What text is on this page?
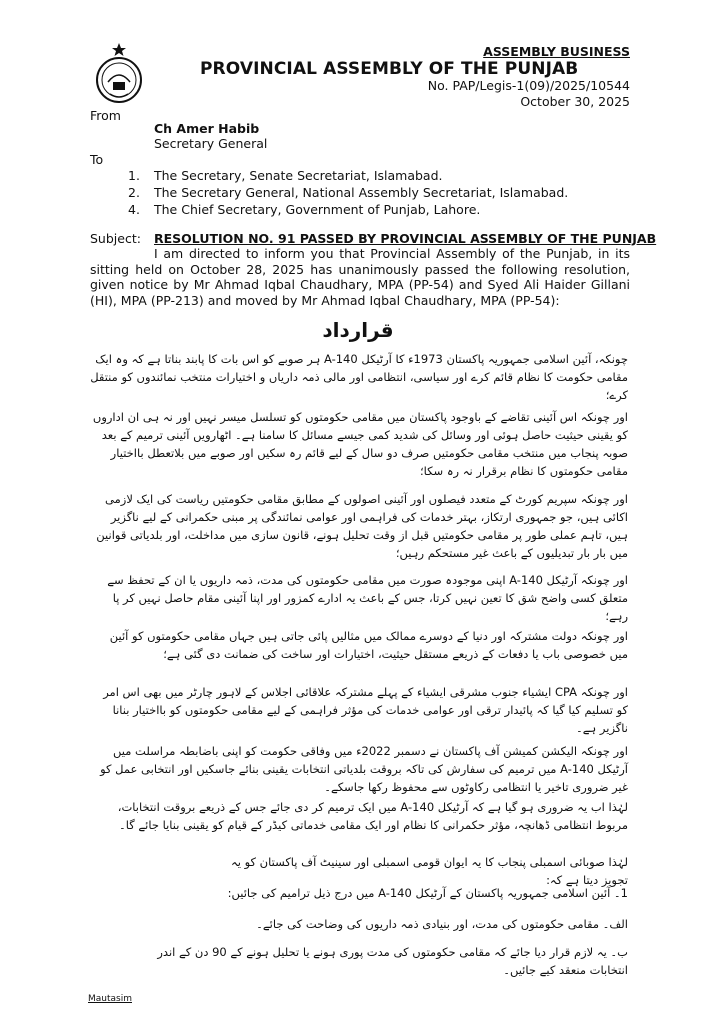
ASSEMBLY BUSINESS
PROVINCIAL ASSEMBLY OF THE PUNJAB
No. PAP/Legis-1(09)/2025/10544
October 30, 2025
From
Ch Amer Habib
Secretary General
To
1. The Secretary, Senate Secretariat, Islamabad.
2. The Secretary General, National Assembly Secretariat, Islamabad.
4. The Chief Secretary, Government of Punjab, Lahore.
Subject: RESOLUTION NO. 91 PASSED BY PROVINCIAL ASSEMBLY OF THE PUNJAB
I am directed to inform you that Provincial Assembly of the Punjab, in its sitting held on October 28, 2025 has unanimously passed the following resolution, given notice by Mr Ahmad Iqbal Chaudhary, MPA (PP-54) and Syed Ali Haider Gillani (HI), MPA (PP-213) and moved by Mr Ahmad Iqbal Chaudhary, MPA (PP-54):
قرارداد
چونکہ، آئین اسلامی جمہوریہ پاکستان 1973ء کا آرٹیکل A-140 ہر صوبے کو اس بات کا پابند بناتا ہے کہ وہ ایک مقامی حکومت کا نظام قائم کرے اور سیاسی، انتظامی اور مالی ذمہ داریاں و اختیارات منتخب نمائندوں کو منتقل کرے؛
اور چونکہ اس آئینی تقاضے کے باوجود پاکستان میں مقامی حکومتوں کو تسلسل میسر نہیں اور نہ ہی ان اداروں کو یقینی حیثیت حاصل ہوئی اور وسائل کی شدید کمی جیسے مسائل کا سامنا ہے۔ اٹھارویں آئینی ترمیم کے بعد صوبہ پنجاب میں منتخب مقامی حکومتیں صرف دو سال کے لیے قائم رہ سکیں اور صوبے میں بلاتعطل بااختیار مقامی حکومتوں کا نظام برقرار نہ رہ سکا؛
اور چونکہ سپریم کورٹ کے متعدد فیصلوں اور آئینی اصولوں کے مطابق مقامی حکومتیں ریاست کی ایک لازمی اکائی ہیں، جو جمہوری ارتکاز، بہتر خدمات کی فراہمی اور عوامی نمائندگی پر مبنی حکمرانی کے لیے ناگزیر ہیں، تاہم عملی طور پر مقامی حکومتیں قبل از وقت تحلیل ہونے، قانون سازی میں مداخلت، اور بلدیاتی قوانین میں بار بار تبدیلیوں کے باعث غیر مستحکم رہیں؛
اور چونکہ آرٹیکل A-140 اپنی موجودہ صورت میں مقامی حکومتوں کی مدت، ذمہ داریوں یا ان کے تحفظ سے متعلق کسی واضح شق کا تعین نہیں کرتا، جس کے باعث یہ ادارے کمزور اور اپنا آئینی مقام حاصل نہیں کر پا رہے؛
اور چونکہ دولت مشترکہ اور دنیا کے دوسرے ممالک میں مثالیں پائی جاتی ہیں جہاں مقامی حکومتوں کو آئین میں خصوصی باب یا دفعات کے ذریعے مستقل حیثیت، اختیارات اور ساخت کی ضمانت دی گئی ہے؛
اور چونکہ CPA ایشیاء جنوب مشرقی ایشیاء کے پہلے مشترکہ علاقائی اجلاس کے لاہور چارٹر میں بھی اس امر کو تسلیم کیا گیا کہ پائیدار ترقی اور عوامی خدمات کی مؤثر فراہمی کے لیے مقامی حکومتوں کو بااختیار بنانا ناگزیر ہے۔
اور چونکہ الیکشن کمیشن آف پاکستان نے دسمبر 2022ء میں وفاقی حکومت کو اپنی باضابطہ مراسلت میں آرٹیکل A-140 میں ترمیم کی سفارش کی تاکہ بروقت بلدیاتی انتخابات یقینی بنائے جاسکیں اور انتخابی عمل کو غیر ضروری تاخیر یا انتظامی رکاوٹوں سے محفوظ رکھا جاسکے۔
لہٰذا اب یہ ضروری ہو گیا ہے کہ آرٹیکل A-140 میں ایک ترمیم کر دی جائے جس کے ذریعے بروقت انتخابات، مربوط انتظامی ڈھانچہ، مؤثر حکمرانی کا نظام اور ایک مقامی خدماتی کیڈر کے قیام کو یقینی بنایا جائے گا۔
لہٰذا صوبائی اسمبلی پنجاب کا یہ ایوان قومی اسمبلی اور سینیٹ آف پاکستان کو یہ تجویز دیتا ہے کہ:
1۔ آئین اسلامی جمہوریہ پاکستان کے آرٹیکل A-140 میں درج ذیل ترامیم کی جائیں:
الف۔ مقامی حکومتوں کی مدت، اور بنیادی ذمہ داریوں کی وضاحت کی جائے۔
ب۔ یہ لازم قرار دیا جائے کہ مقامی حکومتوں کی مدت پوری ہونے یا تحلیل ہونے کے 90 دن کے اندر انتخابات منعقد کیے جائیں۔
Mautasim
